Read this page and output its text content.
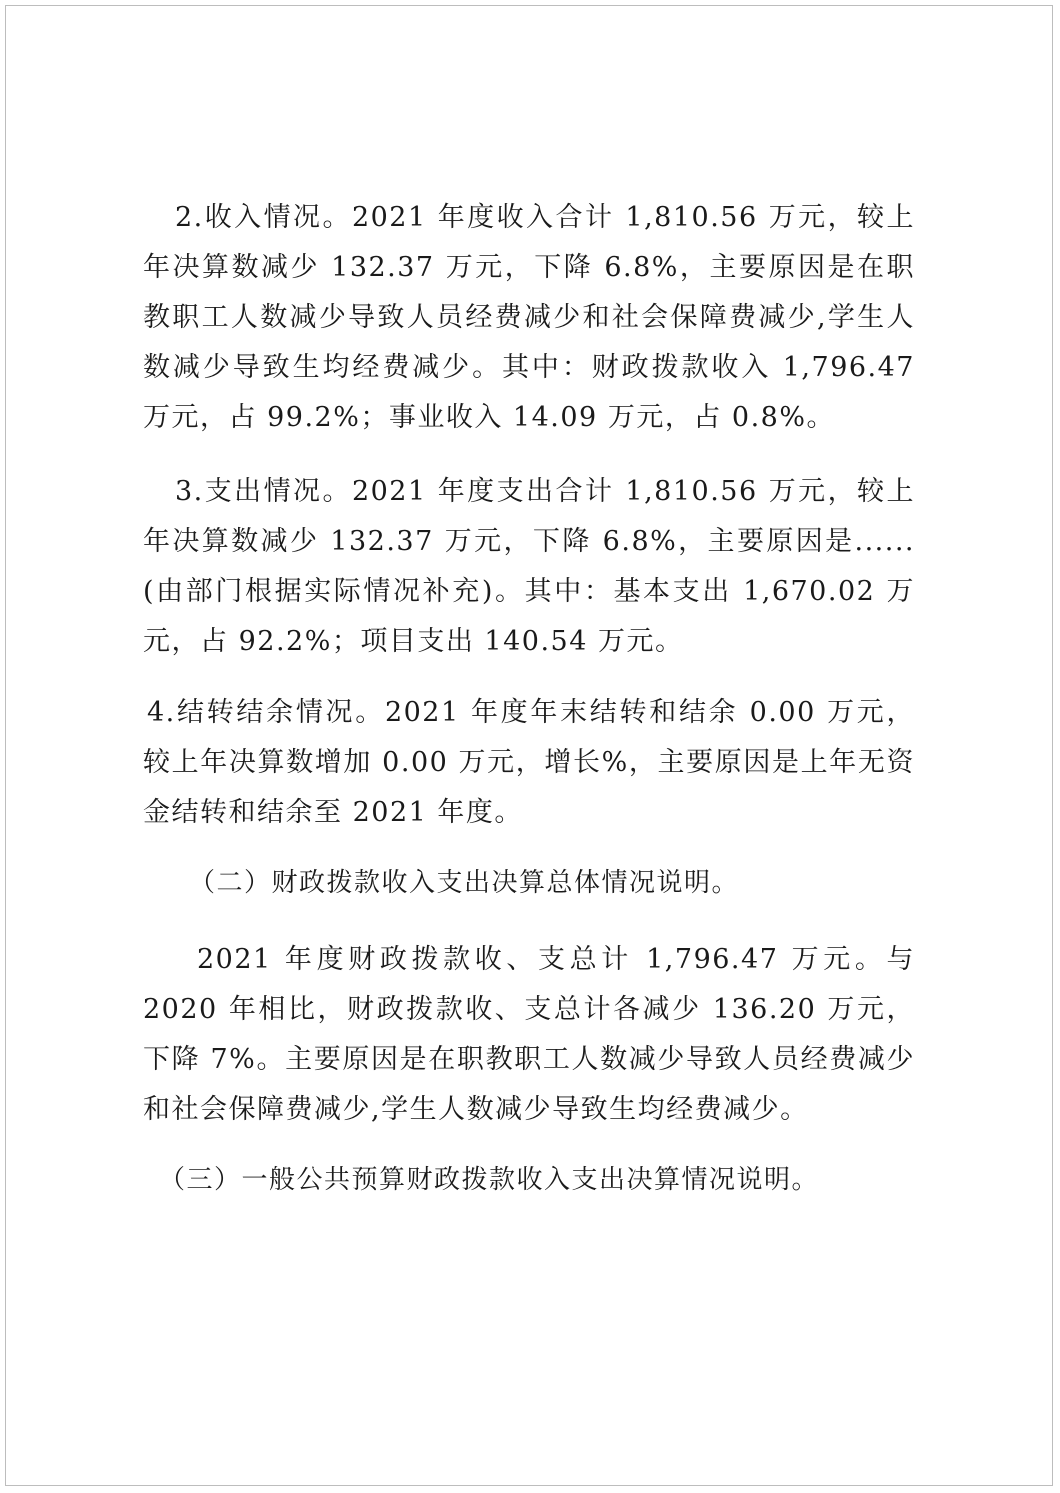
2.收入情况。2021 年度收入合计 1,810.56 万元，较上年决算数减少 132.37 万元，下降 6.8%，主要原因是在职教职工人数减少导致人员经费减少和社会保障费减少,学生人数减少导致生均经费减少。其中：财政拨款收入 1,796.47 万元，占 99.2%；事业收入 14.09 万元，占 0.8%。

3.支出情况。2021 年度支出合计 1,810.56 万元，较上年决算数减少 132.37 万元，下降 6.8%，主要原因是......(由部门根据实际情况补充)。其中：基本支出 1,670.02 万元，占 92.2%；项目支出 140.54 万元。

4.结转结余情况。2021 年度年末结转和结余 0.00 万元，较上年决算数增加 0.00 万元，增长%，主要原因是上年无资金结转和结余至 2021 年度。

（二）财政拨款收入支出决算总体情况说明。

2021 年度财政拨款收、支总计 1,796.47 万元。与 2020 年相比，财政拨款收、支总计各减少 136.20 万元，下降 7%。主要原因是在职教职工人数减少导致人员经费减少和社会保障费减少,学生人数减少导致生均经费减少。

（三）一般公共预算财政拨款收入支出决算情况说明。
